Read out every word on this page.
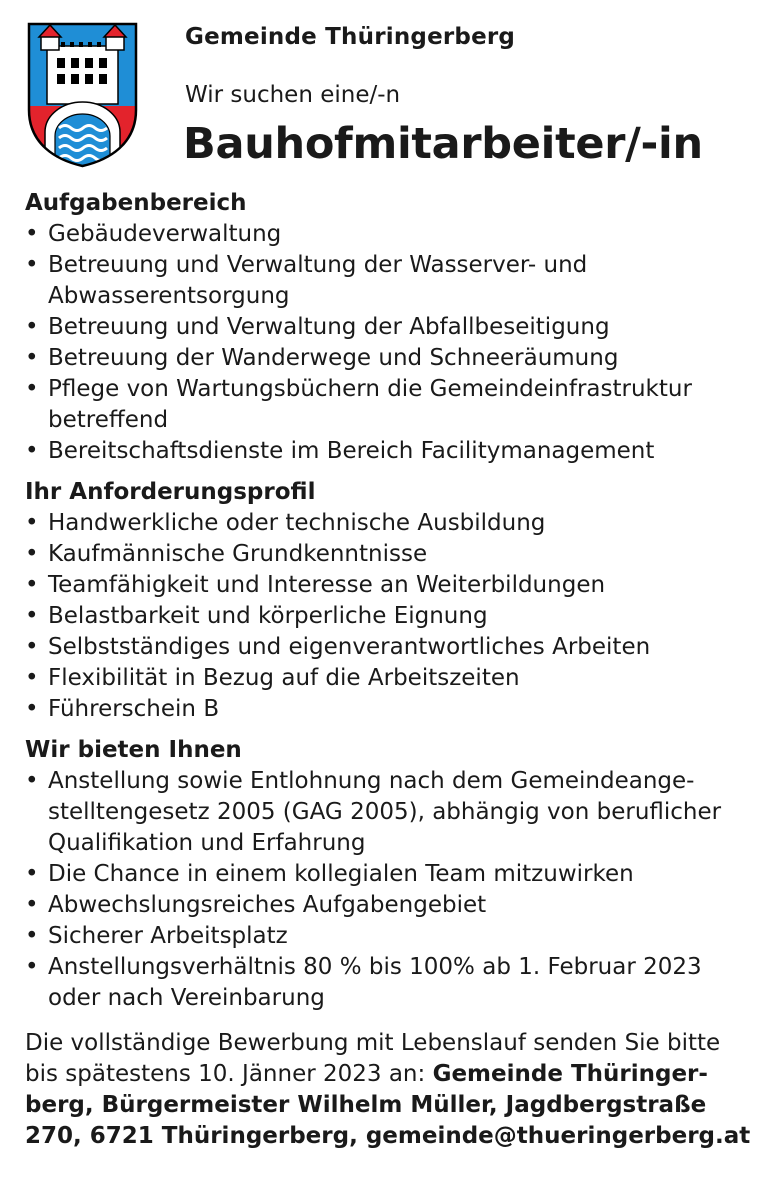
Gemeinde Thüringerberg
Wir suchen eine/-n
Bauhofmitarbeiter/-in
Aufgabenbereich
• Gebäudeverwaltung
• Betreuung und Verwaltung der Wasserver- und Abwasserentsorgung
• Betreuung und Verwaltung der Abfallbeseitigung
• Betreuung der Wanderwege und Schneeräumung
• Pflege von Wartungsbüchern die Gemeindeinfrastruktur betreffend
• Bereitschaftsdienste im Bereich Facilitymanagement
Ihr Anforderungsprofil
• Handwerkliche oder technische Ausbildung
• Kaufmännische Grundkenntnisse
• Teamfähigkeit und Interesse an Weiterbildungen
• Belastbarkeit und körperliche Eignung
• Selbstständiges und eigenverantwortliches Arbeiten
• Flexibilität in Bezug auf die Arbeitszeiten
• Führerschein B
Wir bieten Ihnen
• Anstellung sowie Entlohnung nach dem Gemeindeange- stelltengesetz 2005 (GAG 2005), abhängig von beruflicher Qualifikation und Erfahrung
• Die Chance in einem kollegialen Team mitzuwirken
• Abwechslungsreiches Aufgabengebiet
• Sicherer Arbeitsplatz
• Anstellungsverhältnis 80 % bis 100% ab 1. Februar 2023 oder nach Vereinbarung
Die vollständige Bewerbung mit Lebenslauf senden Sie bitte bis spätestens 10. Jänner 2023 an: Gemeinde Thüringer- berg, Bürgermeister Wilhelm Müller, Jagdbergstraße 270, 6721 Thüringerberg, gemeinde@thueringerberg.at
